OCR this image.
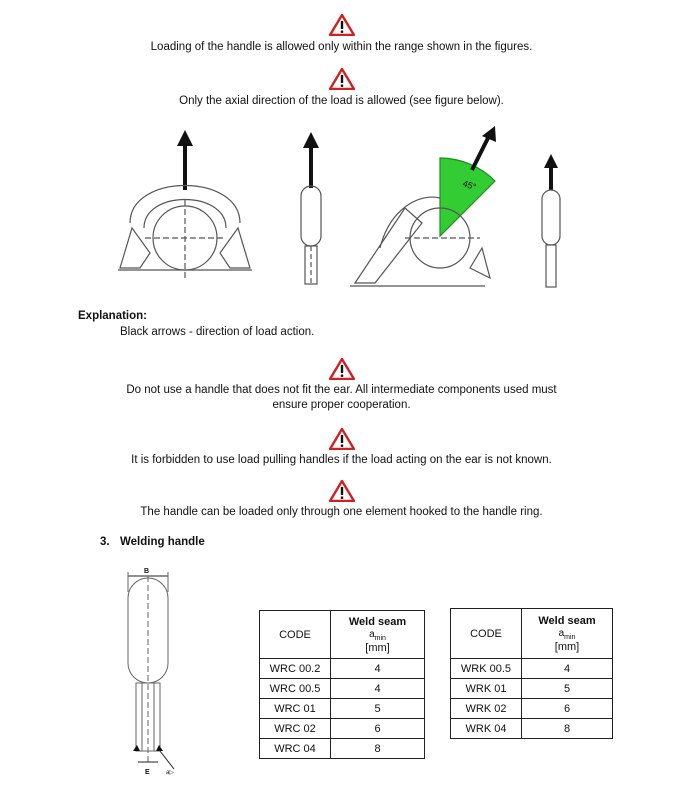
Loading of the handle is allowed only within the range shown in the figures.
Only the axial direction of the load is allowed (see figure below).
45°
Explanation:
Black arrows - direction of load action.
Do not use a handle that does not fit the ear. All intermediate components used must ensure proper cooperation.
It is forbidden to use load pulling handles if the load acting on the ear is not known.
The handle can be loaded only through one element hooked to the handle ring.
3. Welding handle
B
E	a▷
CODE	Weld seam
$a_{min}$
[mm]

WRC 00.2	4
WRC 00.5	4
WRC 01	5
WRC 02	6
WRC 04	8
CODE	Weld seam
$a_{min}$
[mm]

WRK 00.5	4
WRK 01	5
WRK 02	6
WRK 04	8
